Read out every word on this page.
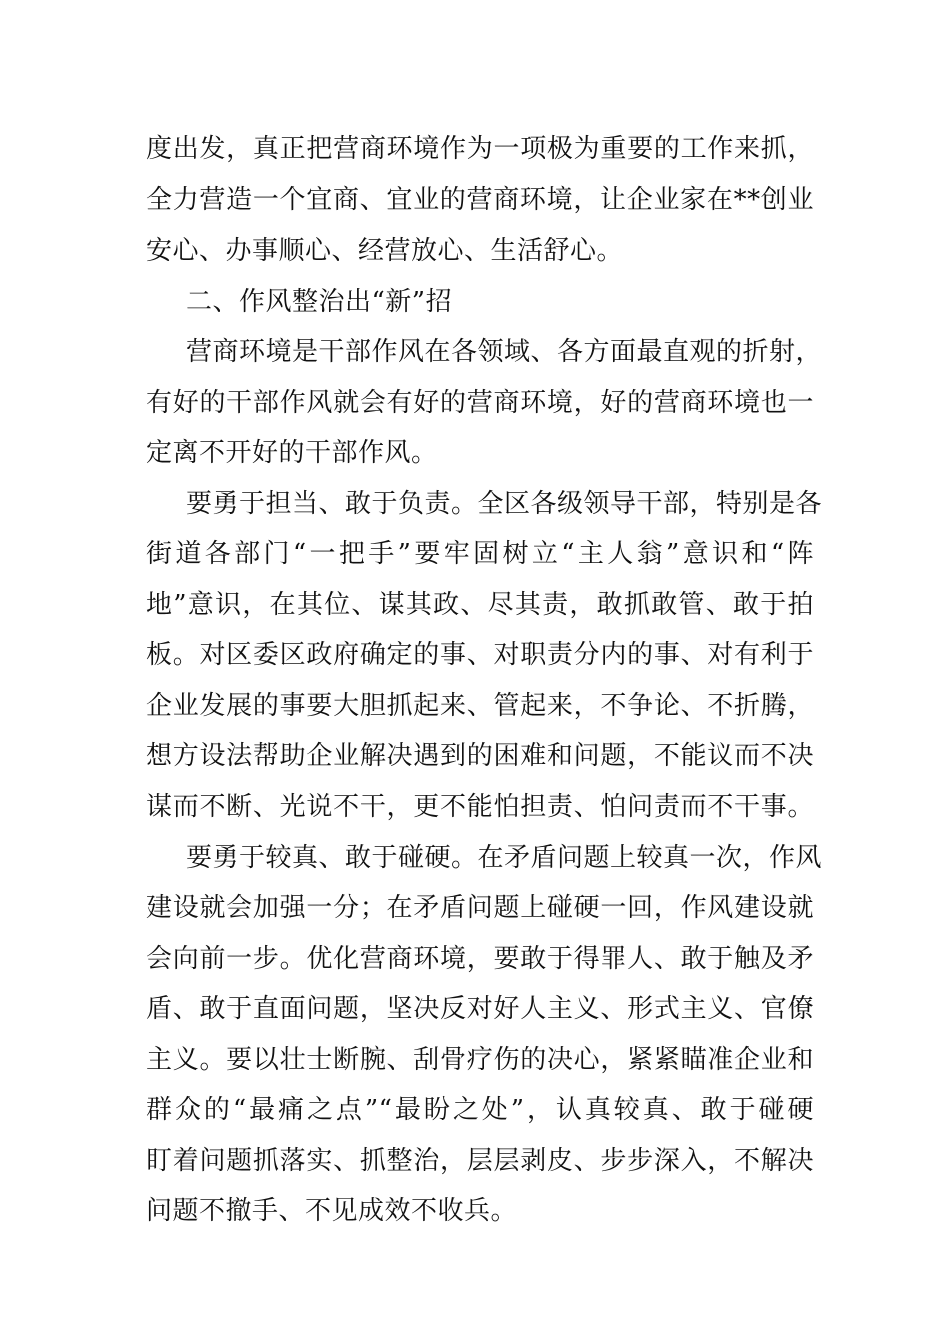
度出发，真正把营商环境作为一项极为重要的工作来抓，
全力营造一个宜商、宜业的营商环境，让企业家在**创业
安心、办事顺心、经营放心、生活舒心。
二、作风整治出“新”招
营商环境是干部作风在各领域、各方面最直观的折射，
有好的干部作风就会有好的营商环境，好的营商环境也一
定离不开好的干部作风。
要勇于担当、敢于负责。全区各级领导干部，特别是各
街道各部门“一把手”要牢固树立“主人翁”意识和“阵
地”意识，在其位、谋其政、尽其责，敢抓敢管、敢于拍
板。对区委区政府确定的事、对职责分内的事、对有利于
企业发展的事要大胆抓起来、管起来，不争论、不折腾，
想方设法帮助企业解决遇到的困难和问题，不能议而不决
谋而不断、光说不干，更不能怕担责、怕问责而不干事。
要勇于较真、敢于碰硬。在矛盾问题上较真一次，作风
建设就会加强一分；在矛盾问题上碰硬一回，作风建设就
会向前一步。优化营商环境，要敢于得罪人、敢于触及矛
盾、敢于直面问题，坚决反对好人主义、形式主义、官僚
主义。要以壮士断腕、刮骨疗伤的决心，紧紧瞄准企业和
群众的“最痛之点”“最盼之处”，认真较真、敢于碰硬
盯着问题抓落实、抓整治，层层剥皮、步步深入，不解决
问题不撤手、不见成效不收兵。
